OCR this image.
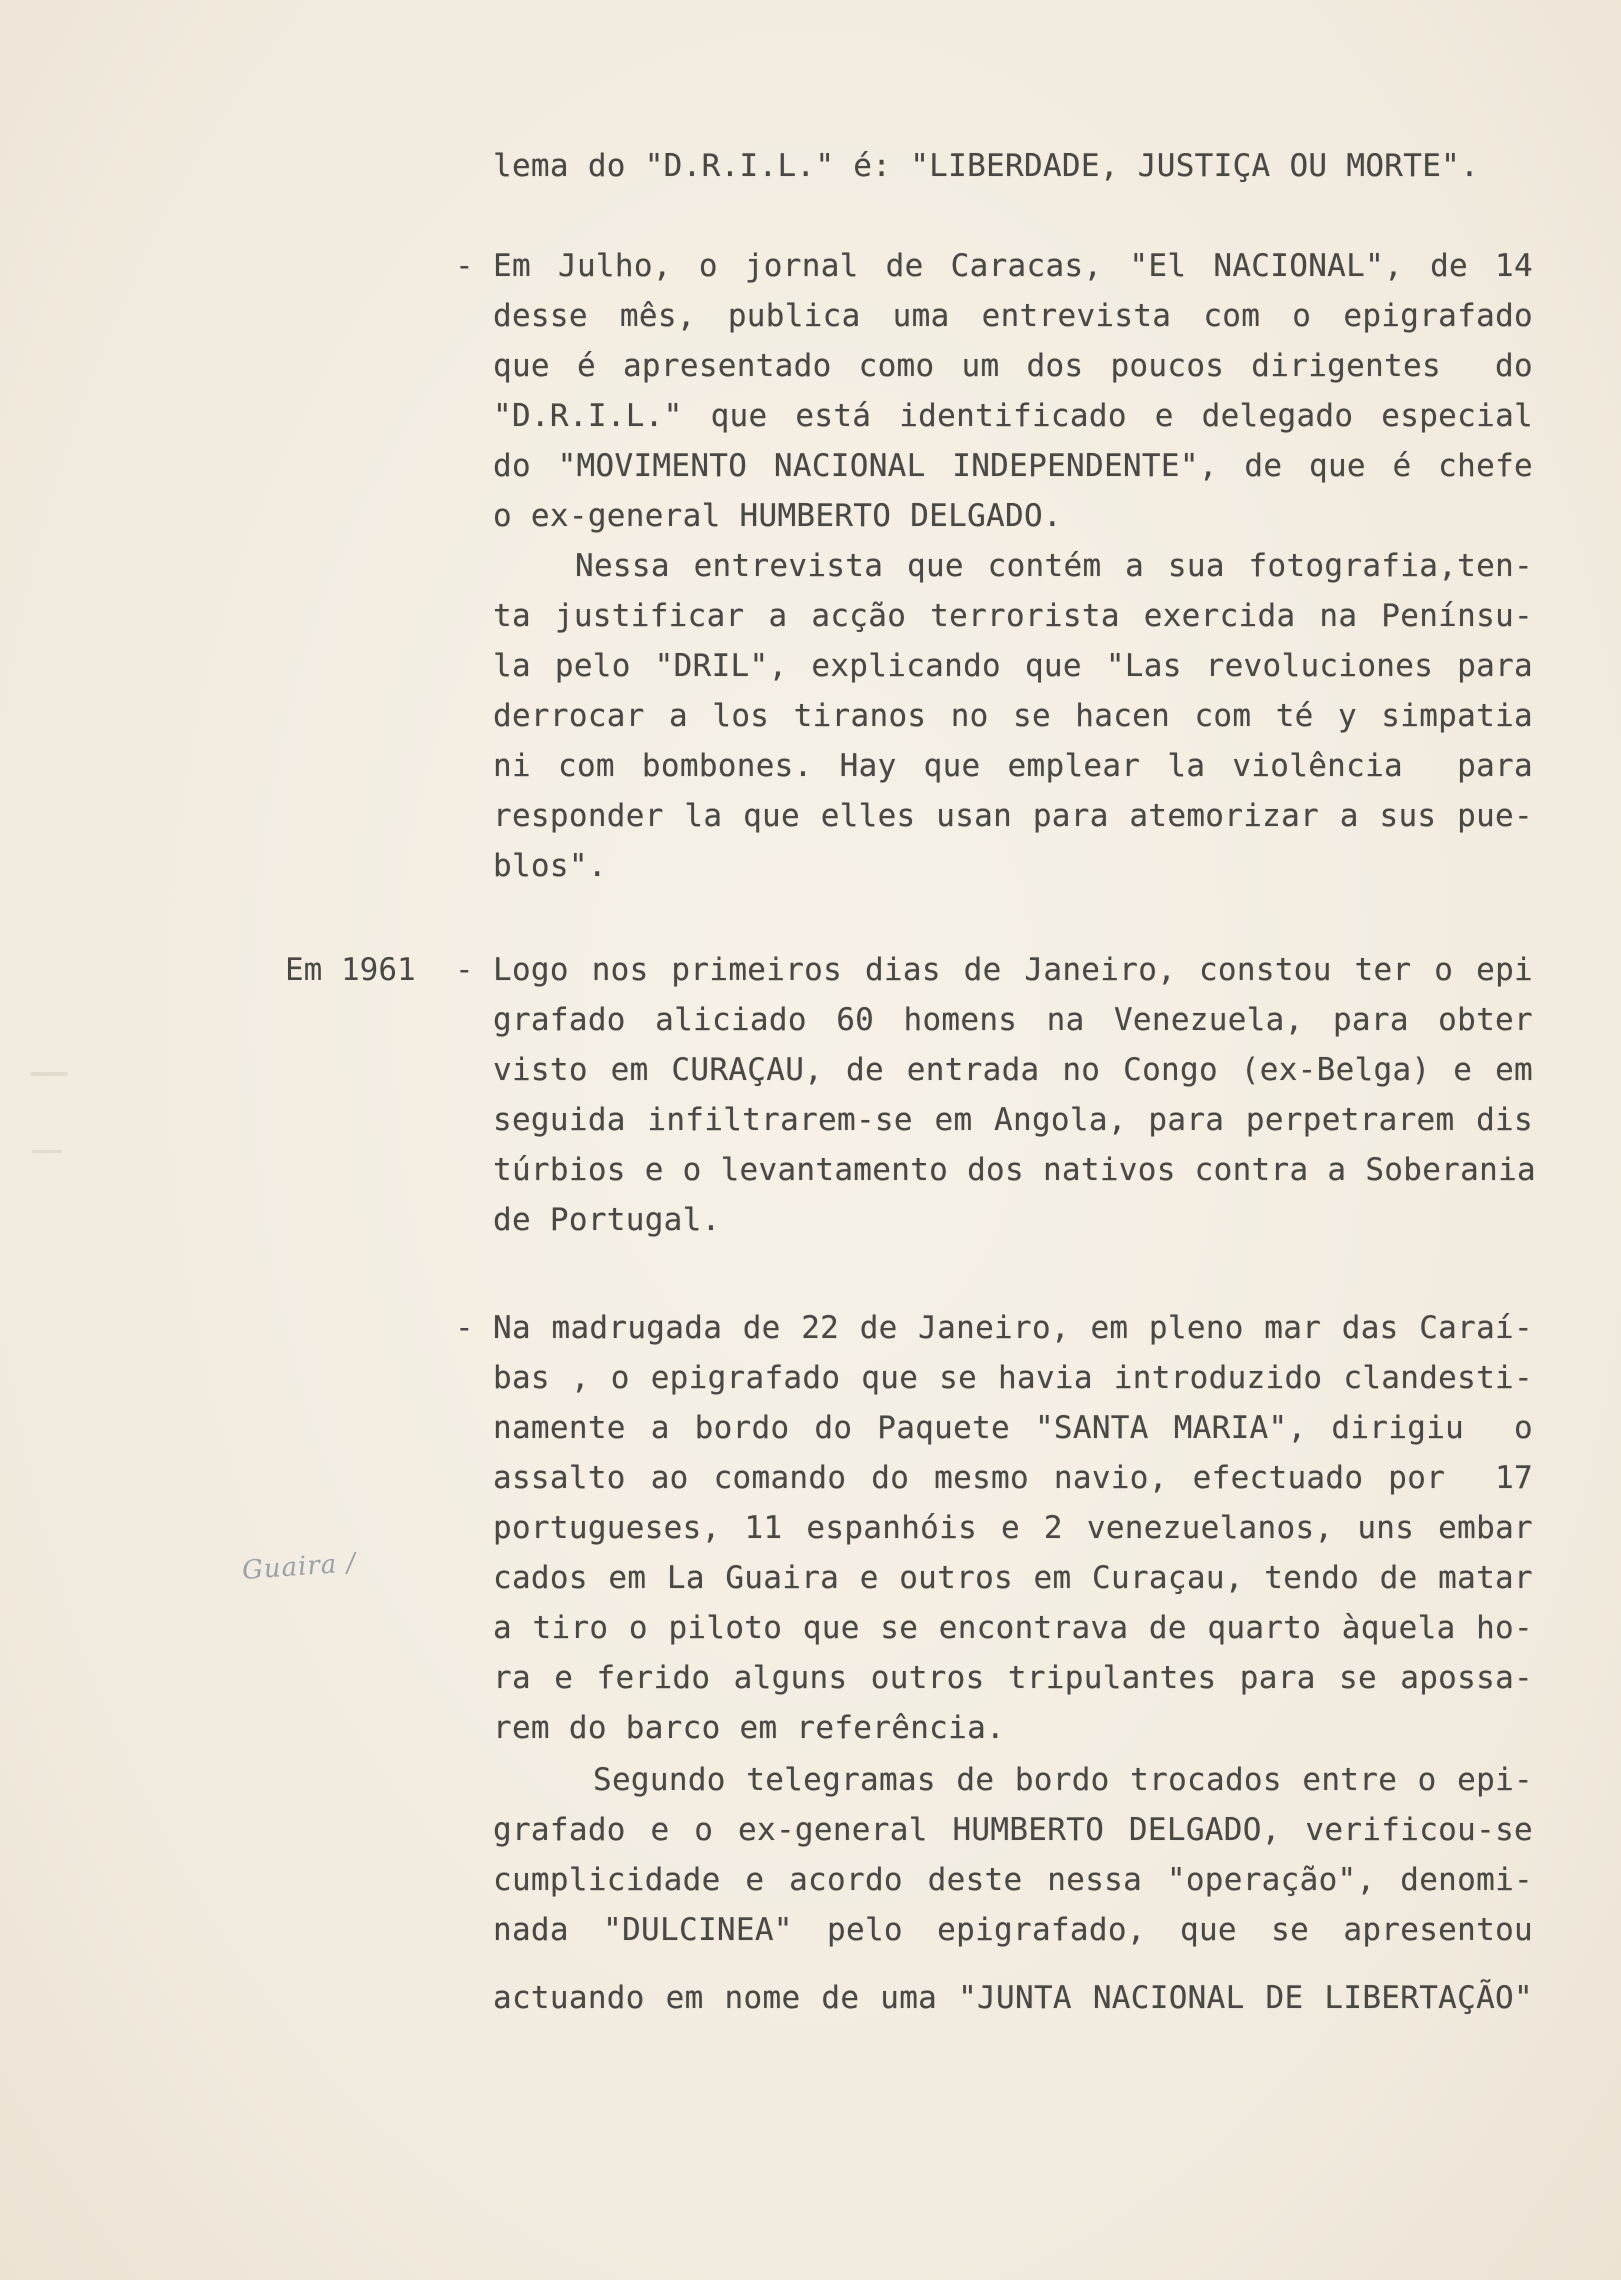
lema do "D.R.I.L." é: "LIBERDADE, JUSTIÇA OU MORTE".
- Em Julho, o jornal de Caracas, "El NACIONAL", de 14
desse mês, publica uma entrevista com o epigrafado
que é apresentado como um dos poucos dirigentes  do
"D.R.I.L." que está identificado e delegado especial
do "MOVIMENTO NACIONAL INDEPENDENTE", de que é chefe
o ex-general HUMBERTO DELGADO.
Nessa entrevista que contém a sua fotografia,ten-
ta justificar a acção terrorista exercida na Penínsu-
la pelo "DRIL", explicando que "Las revoluciones para
derrocar a los tiranos no se hacen com té y simpatia
ni com bombones. Hay que emplear la violência  para
responder la que elles usan para atemorizar a sus pue-
blos".
Em 1961 - Logo nos primeiros dias de Janeiro, constou ter o epi
grafado aliciado 60 homens na Venezuela, para obter
visto em CURAÇAU, de entrada no Congo (ex-Belga) e em
seguida infiltrarem-se em Angola, para perpetrarem dis
túrbios e o levantamento dos nativos contra a Soberania
de Portugal.
- Na madrugada de 22 de Janeiro, em pleno mar das Caraí-
bas , o epigrafado que se havia introduzido clandesti-
namente a bordo do Paquete "SANTA MARIA", dirigiu  o
assalto ao comando do mesmo navio, efectuado por  17
portugueses, 11 espanhóis e 2 venezuelanos, uns embar
cados em La Guaira e outros em Curaçau, tendo de matar
a tiro o piloto que se encontrava de quarto àquela ho-
ra e ferido alguns outros tripulantes para se apossa-
rem do barco em referência.
Segundo telegramas de bordo trocados entre o epi-
grafado e o ex-general HUMBERTO DELGADO, verificou-se
cumplicidade e acordo deste nessa "operação", denomi-
nada "DULCINEA" pelo epigrafado, que se apresentou
actuando em nome de uma "JUNTA NACIONAL DE LIBERTAÇÃO"
Guaira /
